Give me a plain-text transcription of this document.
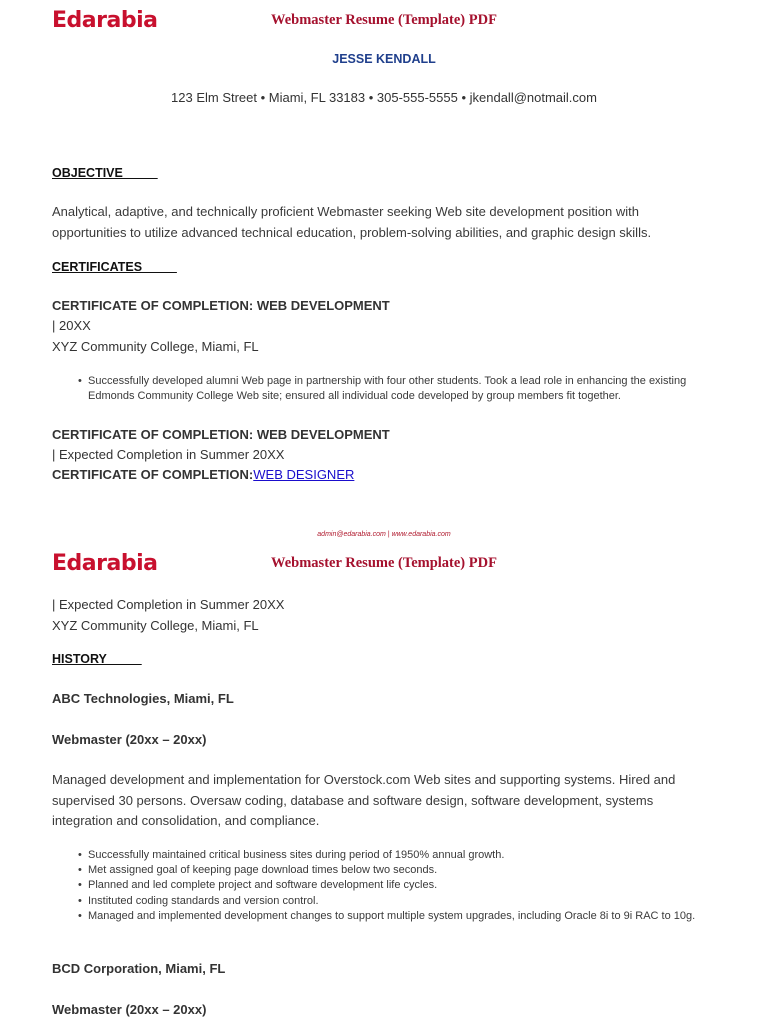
Edarabia	Webmaster Resume (Template) PDF
JESSE KENDALL
123 Elm Street • Miami, FL 33183 • 305-555-5555 • jkendall@notmail.com
OBJECTIVE_____
Analytical, adaptive, and technically proficient Webmaster seeking Web site development position with
opportunities to utilize advanced technical education, problem-solving abilities, and graphic design skills.
CERTIFICATES_____
CERTIFICATE OF COMPLETION: WEB DEVELOPMENT
| 20XX
XYZ Community College, Miami, FL
• Successfully developed alumni Web page in partnership with four other students. Took a lead role in enhancing the existing Edmonds Community College Web site; ensured all individual code developed by group members fit together.
CERTIFICATE OF COMPLETION: WEB DEVELOPMENT
| Expected Completion in Summer 20XX
CERTIFICATE OF COMPLETION:WEB DESIGNER
admin@edarabia.com | www.edarabia.com
Edarabia	Webmaster Resume (Template) PDF
| Expected Completion in Summer 20XX
XYZ Community College, Miami, FL
HISTORY_____
ABC Technologies, Miami, FL
Webmaster (20xx – 20xx)
Managed development and implementation for Overstock.com Web sites and supporting systems. Hired and
supervised 30 persons. Oversaw coding, database and software design, software development, systems
integration and consolidation, and compliance.
• Successfully maintained critical business sites during period of 1950% annual growth.
• Met assigned goal of keeping page download times below two seconds.
• Planned and led complete project and software development life cycles.
• Instituted coding standards and version control.
• Managed and implemented development changes to support multiple system upgrades, including Oracle 8i to 9i RAC to 10g.
BCD Corporation, Miami, FL
Webmaster (20xx – 20xx)
